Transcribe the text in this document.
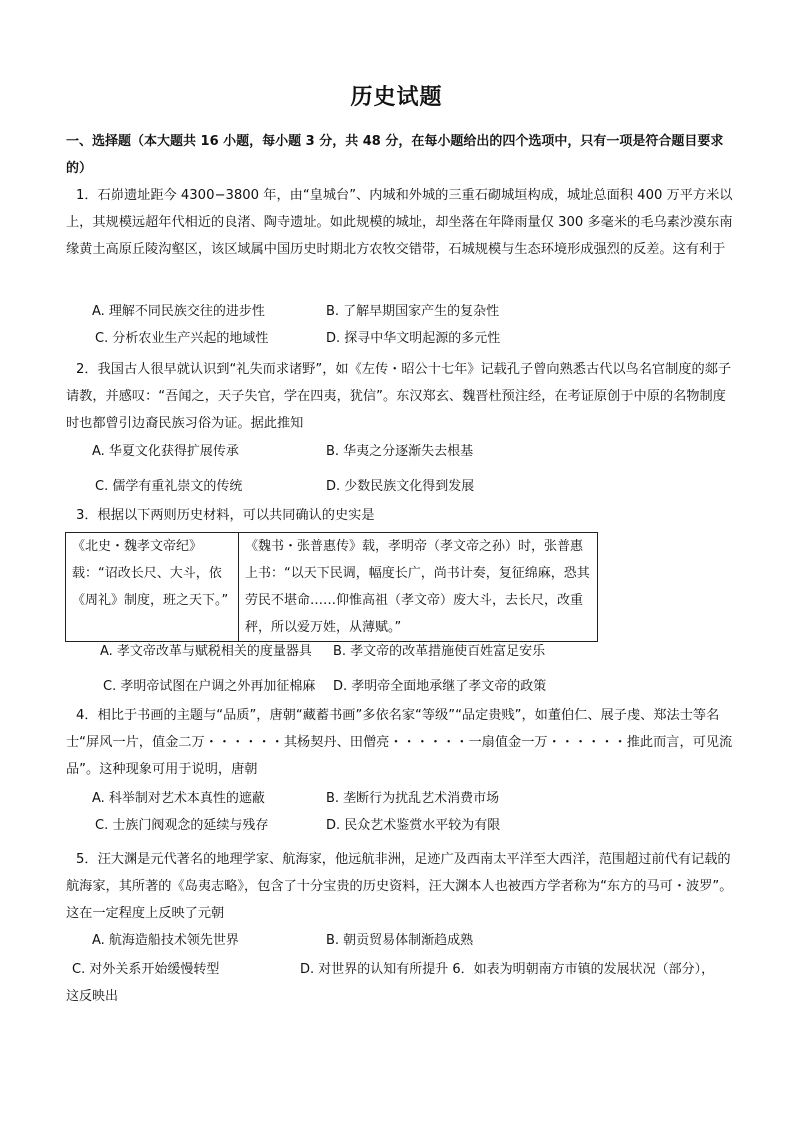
历史试题
一、选择题（本大题共 16 小题，每小题 3 分，共 48 分，在每小题给出的四个选项中，只有一项是符合题目要求的）
1．石峁遗址距今 4300−3800 年，由“皇城台”、内城和外城的三重石砌城垣构成，城址总面积 400 万平方米以上，其规模远超年代相近的良渚、陶寺遗址。如此规模的城址，却坐落在年降雨量仅 300 多毫米的毛乌素沙漠东南缘黄土高原丘陵沟壑区，该区域属中国历史时期北方农牧交错带，石城规模与生态环境形成强烈的反差。这有利于
A. 理解不同民族交往的进步性	B. 了解早期国家产生的复杂性
C. 分析农业生产兴起的地域性	D. 探寻中华文明起源的多元性
2．我国古人很早就认识到“礼失而求诸野”，如《左传・昭公十七年》记载孔子曾向熟悉古代以鸟名官制度的郯子请教，并感叹：“吾闻之，天子失官，学在四夷，犹信”。东汉郑玄、魏晋杜预注经，在考证原创于中原的名物制度时也都曾引边裔民族习俗为证。据此推知
A. 华夏文化获得扩展传承	B. 华夷之分逐渐失去根基
C. 儒学有重礼崇文的传统	D. 少数民族文化得到发展
3．根据以下两则历史材料，可以共同确认的史实是
《北史・魏孝文帝纪》载：“诏改长尺、大斗，依《周礼》制度，班之天下。”	《魏书・张普惠传》载，孝明帝（孝文帝之孙）时，张普惠上书：“以天下民调，幅度长广，尚书计奏，复征绵麻，恐其劳民不堪命……仰惟高祖（孝文帝）废大斗，去长尺，改重秤，所以爱万姓，从薄赋。”
A. 孝文帝改革与赋税相关的度量器具 B. 孝文帝的改革措施使百姓富足安乐
C. 孝明帝试图在户调之外再加征棉麻 D. 孝明帝全面地承继了孝文帝的政策
4．相比于书画的主题与“品质”，唐朝“藏蓄书画”多依名家“等级”“品定贵贱”，如董伯仁、展子虔、郑法士等名士“屏风一片，值金二万・・・・・・其杨契丹、田僧亮・・・・・・一扇值金一万・・・・・・推此而言，可见流品”。这种现象可用于说明，唐朝
A. 科举制对艺术本真性的遮蔽	B. 垄断行为扰乱艺术消费市场
C. 士族门阀观念的延续与残存	D. 民众艺术鉴赏水平较为有限
5．汪大渊是元代著名的地理学家、航海家，他远航非洲，足迹广及西南太平洋至大西洋，范围超过前代有记载的航海家，其所著的《岛夷志略》，包含了十分宝贵的历史资料，汪大渊本人也被西方学者称为“东方的马可・波罗”。这在一定程度上反映了元朝
A. 航海造船技术领先世界	B. 朝贡贸易体制渐趋成熟
C. 对外关系开始缓慢转型	D. 对世界的认知有所提升 6．如表为明朝南方市镇的发展状况（部分），
这反映出
